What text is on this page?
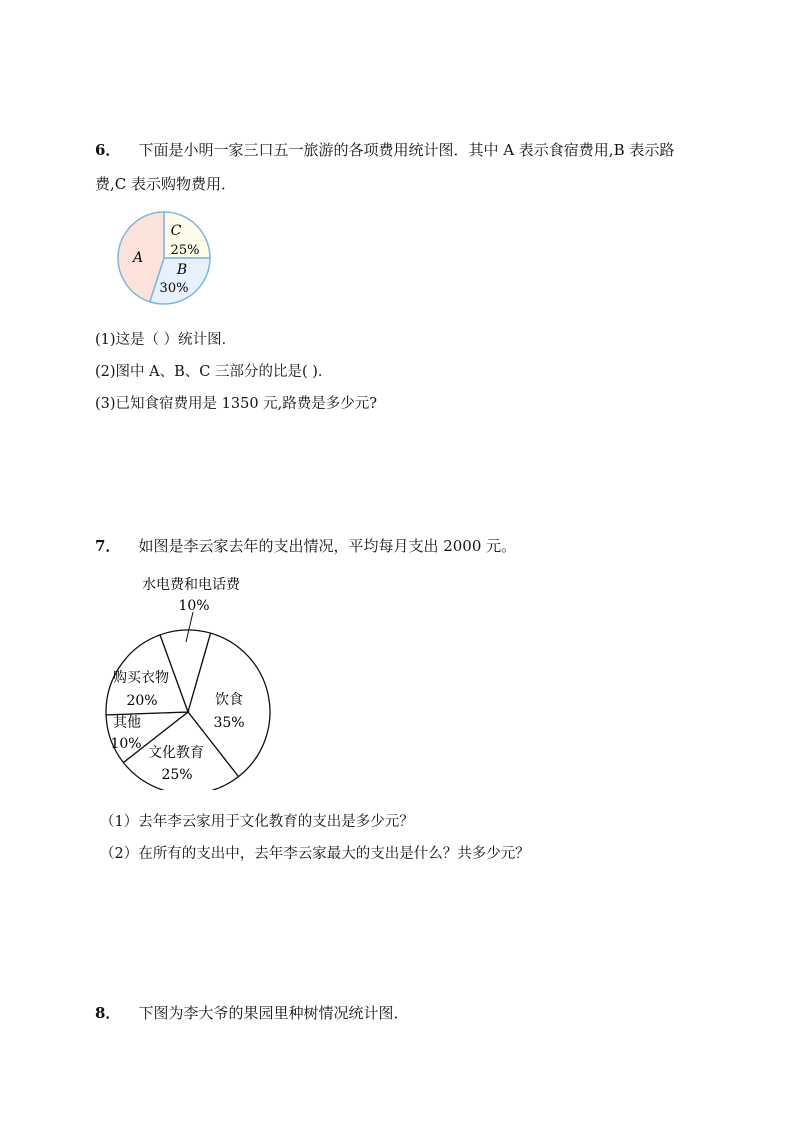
6． 下面是小明一家三口五一旅游的各项费用统计图．其中 A 表示食宿费用,B 表示路
费,C 表示购物费用．
A
C
25%
B
30%
(1)这是（ ）统计图．
(2)图中 A、B、C 三部分的比是( )．
(3)已知食宿费用是 1350 元,路费是多少元?
7． 如图是李云家去年的支出情况，平均每月支出 2000 元。
水电费和电话费
10%
饮食
35%
文化教育
25%
其他
10%
购买衣物
20%
（1）去年李云家用于文化教育的支出是多少元？
（2）在所有的支出中，去年李云家最大的支出是什么？共多少元？
8． 下图为李大爷的果园里种树情况统计图．
